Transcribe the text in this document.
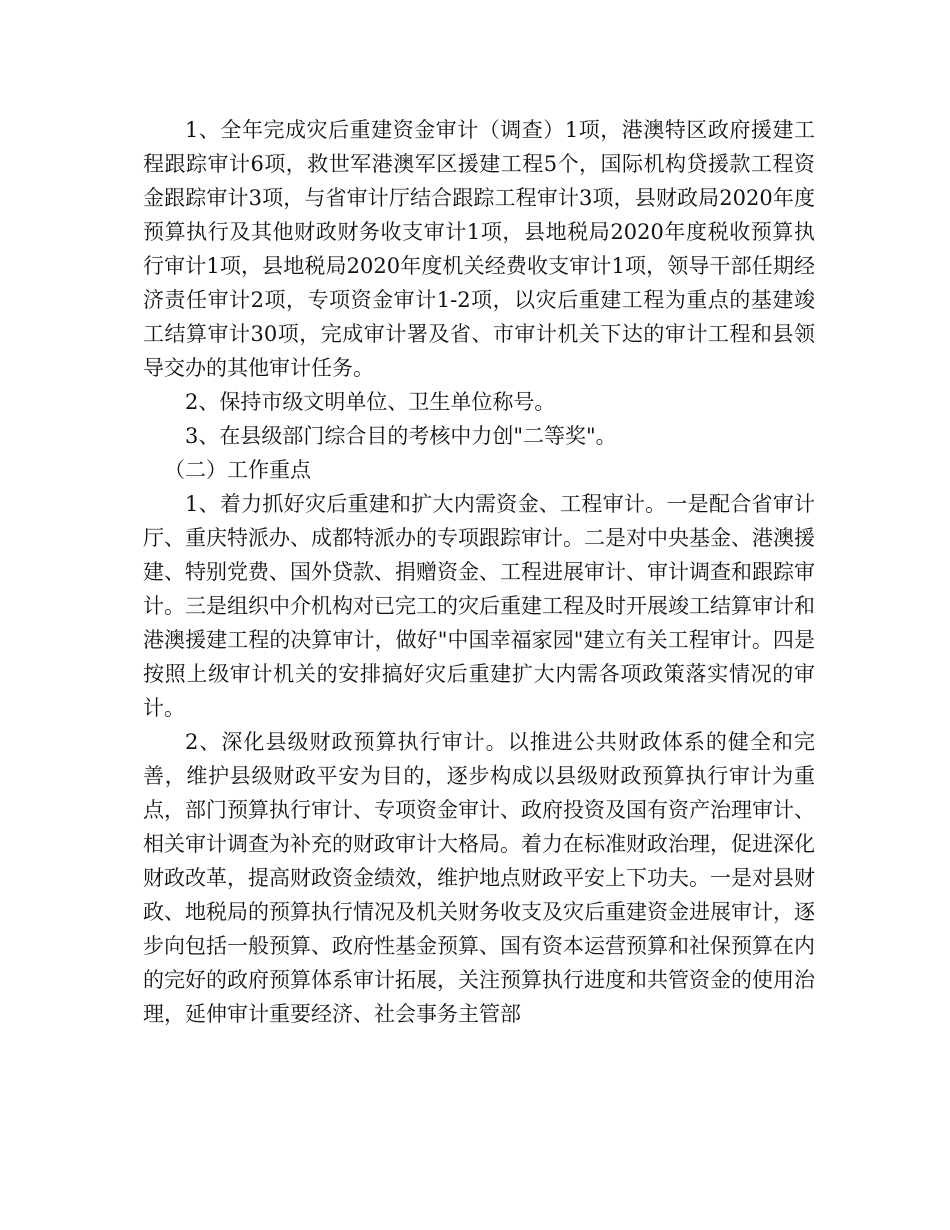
1、全年完成灾后重建资金审计（调查）1项，港澳特区政府援建工程跟踪审计6项，救世军港澳军区援建工程5个，国际机构贷援款工程资金跟踪审计3项，与省审计厅结合跟踪工程审计3项，县财政局2020年度预算执行及其他财政财务收支审计1项，县地税局2020年度税收预算执行审计1项，县地税局2020年度机关经费收支审计1项，领导干部任期经济责任审计2项，专项资金审计1-2项，以灾后重建工程为重点的基建竣工结算审计30项，完成审计署及省、市审计机关下达的审计工程和县领导交办的其他审计任务。

2、保持市级文明单位、卫生单位称号。

3、在县级部门综合目的考核中力创"二等奖"。

（二）工作重点

1、着力抓好灾后重建和扩大内需资金、工程审计。一是配合省审计厅、重庆特派办、成都特派办的专项跟踪审计。二是对中央基金、港澳援建、特别党费、国外贷款、捐赠资金、工程进展审计、审计调查和跟踪审计。三是组织中介机构对已完工的灾后重建工程及时开展竣工结算审计和港澳援建工程的决算审计，做好"中国幸福家园"建立有关工程审计。四是按照上级审计机关的安排搞好灾后重建扩大内需各项政策落实情况的审计。

2、深化县级财政预算执行审计。以推进公共财政体系的健全和完善，维护县级财政平安为目的，逐步构成以县级财政预算执行审计为重点，部门预算执行审计、专项资金审计、政府投资及国有资产治理审计、相关审计调查为补充的财政审计大格局。着力在标准财政治理，促进深化财政改革，提高财政资金绩效，维护地点财政平安上下功夫。一是对县财政、地税局的预算执行情况及机关财务收支及灾后重建资金进展审计，逐步向包括一般预算、政府性基金预算、国有资本运营预算和社保预算在内的完好的政府预算体系审计拓展，关注预算执行进度和共管资金的使用治理，延伸审计重要经济、社会事务主管部
